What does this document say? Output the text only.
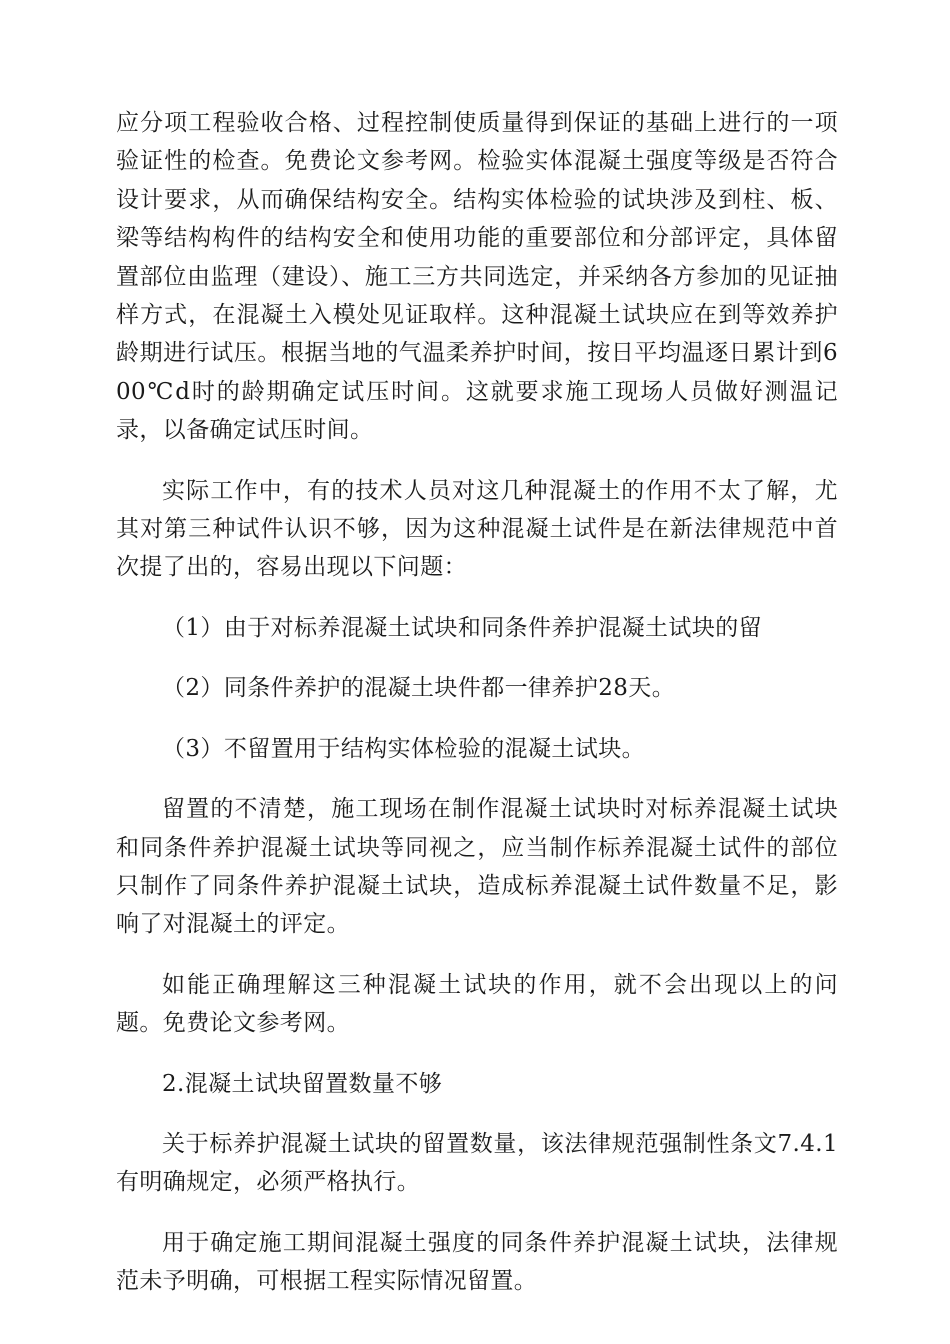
应分项工程验收合格、过程控制使质量得到保证的基础上进行的一项验证性的检查。免费论文参考网。检验实体混凝土强度等级是否符合设计要求，从而确保结构安全。结构实体检验的试块涉及到柱、板、梁等结构构件的结构安全和使用功能的重要部位和分部评定，具体留置部位由监理（建设）、施工三方共同选定，并采纳各方参加的见证抽样方式，在混凝土入模处见证取样。这种混凝土试块应在到等效养护龄期进行试压。根据当地的气温柔养护时间，按日平均温逐日累计到600℃d时的龄期确定试压时间。这就要求施工现场人员做好测温记录，以备确定试压时间。

实际工作中，有的技术人员对这几种混凝土的作用不太了解，尤其对第三种试件认识不够，因为这种混凝土试件是在新法律规范中首次提了出的，容易出现以下问题：

（1）由于对标养混凝土试块和同条件养护混凝土试块的留

（2）同条件养护的混凝土块件都一律养护28天。

（3）不留置用于结构实体检验的混凝土试块。

留置的不清楚，施工现场在制作混凝土试块时对标养混凝土试块和同条件养护混凝土试块等同视之，应当制作标养混凝土试件的部位只制作了同条件养护混凝土试块，造成标养混凝土试件数量不足，影响了对混凝土的评定。

如能正确理解这三种混凝土试块的作用，就不会出现以上的问题。免费论文参考网。

2.混凝土试块留置数量不够

关于标养护混凝土试块的留置数量，该法律规范强制性条文7.4.1有明确规定，必须严格执行。

用于确定施工期间混凝土强度的同条件养护混凝土试块，法律规范未予明确，可根据工程实际情况留置。
